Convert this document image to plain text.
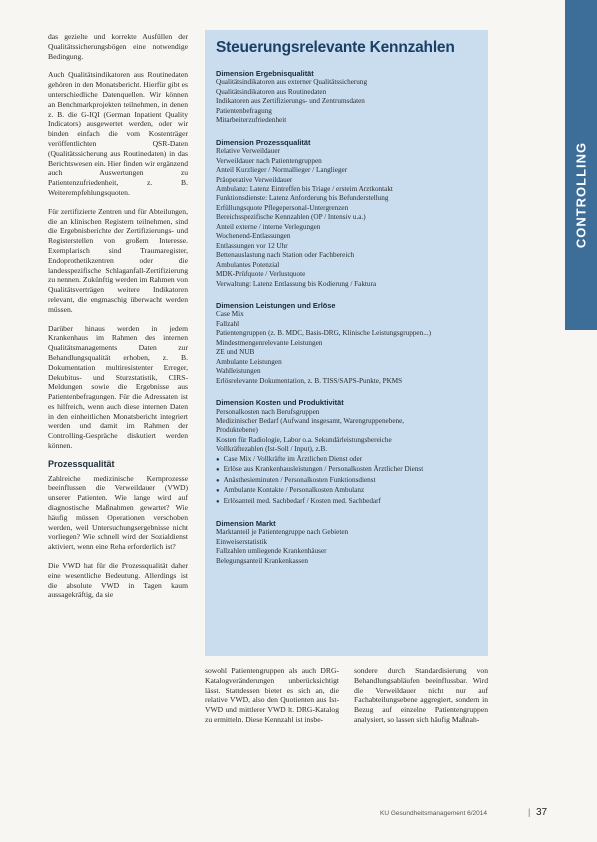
das gezielte und korrekte Ausfüllen der Qualitätssicherungsbögen eine notwendige Bedingung.

Auch Qualitätsindikatoren aus Routinedaten gehören in den Monatsbericht. Hierfür gibt es unterschiedliche Datenquellen. Wir können an Benchmarkprojekten teilnehmen, in denen z. B. die G-IQI (German Inpatient Quality Indicators) ausgewertet werden, oder wir binden einfach die vom Kostenträger veröffentlichten QSR-Daten (Qualitätssicherung aus Routinedaten) in das Berichtswesen ein. Hier finden wir ergänzend auch Auswertungen zu Patientenzufriedenheit, z. B. Weiterempfehlungsquoten.

Für zertifizierte Zentren und für Abteilungen, die an klinischen Registern teilnehmen, sind die Ergebnisberichte der Zertifizierungs- und Registerstellen von großem Interesse. Exemplarisch sind Traumaregister, Endoprothetikzentren oder die landesspezifische Schlaganfall-Zertifizierung zu nennen. Zukünftig werden im Rahmen von Qualitätsverträgen weitere Indikatoren relevant, die engmaschig überwacht werden müssen.

Darüber hinaus werden in jedem Krankenhaus im Rahmen des internen Qualitätsmanagements Daten zur Behandlungsqualität erhoben, z. B. Dokumentation multiresistenter Erreger, Dekubitus- und Sturzstatistik, CIRS-Meldungen sowie die Ergebnisse aus Patientenbefragungen. Für die Adressaten ist es hilfreich, wenn auch diese internen Daten in den einheitlichen Monatsbericht integriert werden und damit im Rahmen der Controlling-Gespräche diskutiert werden können.

Prozessqualität

Zahlreiche medizinische Kernprozesse beeinflussen die Verweildauer (VWD) unserer Patienten. Wie lange wird auf diagnostische Maßnahmen gewartet? Wie häufig müssen Operationen verschoben werden, weil Untersuchungsergebnisse nicht vorliegen? Wie schnell wird der Sozialdienst aktiviert, wenn eine Reha erforderlich ist?

Die VWD hat für die Prozessqualität daher eine wesentliche Bedeutung. Allerdings ist die absolute VWD in Tagen kaum aussagekräftig, da sie

Steuerungsrelevante Kennzahlen
Dimension Ergebnisqualität
Qualitätsindikatoren aus externer Qualitätssicherung
Qualitätsindikatoren aus Routinedaten
Indikatoren aus Zertifizierungs- und Zentrumsdaten
Patientenbefragung
Mitarbeiterzufriedenheit
Dimension Prozessqualität
Relative Verweildauer
Verweildauer nach Patientengruppen
Anteil Kurzlieger / Normallieger / Langlieger
Präoperative Verweildauer
Ambulanz: Latenz Eintreffen bis Triage / ersteim Arztkontakt
Funktionsdienste: Latenz Anforderung bis Befunderstellung
Erfüllungsquote Pflegepersonal-Untergrenzen
Bereichsspezifische Kennzahlen (OP / Intensiv u.a.)
Anteil externe / interne Verlegungen
Wochenend-Entlassungen
Entlassungen vor 12 Uhr
Bettenauslastung nach Station oder Fachbereich
Ambulantes Potenzial
MDK-Prüfquote / Verlustquote
Verwaltung: Latenz Entlassung bis Kodierung / Faktura
Dimension Leistungen und Erlöse
Case Mix
Fallzahl
Patientengruppen (z. B. MDC, Basis-DRG, Klinische Leistungsgruppen...)
Mindestmengenrelevante Leistungen
ZE und NUB
Ambulante Leistungen
Wahlleistungen
Erlösrelevante Dokumentation, z. B. TISS/SAPS-Punkte, PKMS
Dimension Kosten und Produktivität
Personalkosten nach Berufsgruppen
Medizinischer Bedarf (Aufwand insgesamt, Warengruppenebene,
Produktebene)
Kosten für Radiologie, Labor o.a. Sekundärleistungsbereiche
Vollkräftezahlen (Ist-Soll / Input), z.B.
● Case Mix / Vollkräfte im Ärztlichen Dienst oder
● Erlöse aus Krankenhausleistungen / Personalkosten Ärztlicher Dienst
● Anästhesieminuten / Personalkosten Funktionsdienst
● Ambulante Kontakte / Personalkosten Ambulanz
● Erlösanteil med. Sachbedarf / Kosten med. Sachbedarf
Dimension Markt
Marktanteil je Patientengruppe nach Gebieten
Einweiserstatistik
Fallzahlen umliegende Krankenhäuser
Belegungsanteil Krankenkassen

sowohl Patientengruppen als auch DRG-Katalogveränderungen unberücksichtigt lässt. Stattdessen bietet es sich an, die relative VWD, also den Quotienten aus Ist-VWD und mittlerer VWD lt. DRG-Katalog zu ermitteln. Diese Kennzahl ist insbe-

sondere durch Standardisierung von Behandlungsabläufen beeinflussbar. Wird die Verweildauer nicht nur auf Fachabteilungsebene aggregiert, sondern in Bezug auf einzelne Patientengruppen analysiert, so lassen sich häufig Maßnah-

CONTROLLING
KU Gesundheitsmanagement 6/2014	| 37
